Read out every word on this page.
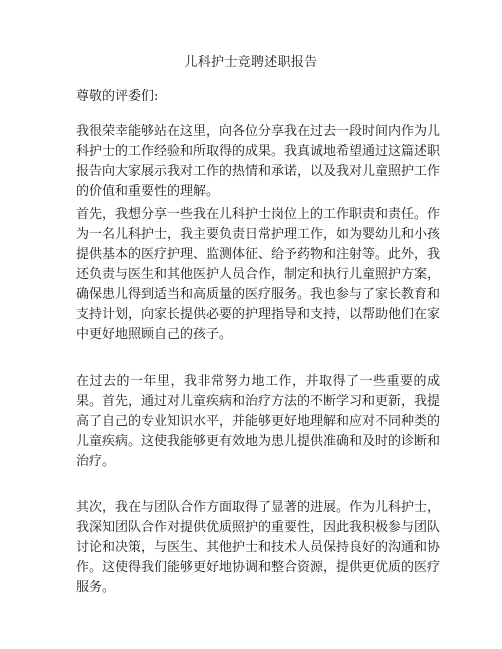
儿科护士竞聘述职报告
尊敬的评委们:

我很荣幸能够站在这里，向各位分享我在过去一段时间内作为儿科护士的工作经验和所取得的成果。我真诚地希望通过这篇述职报告向大家展示我对工作的热情和承诺，以及我对儿童照护工作的价值和重要性的理解。

首先，我想分享一些我在儿科护士岗位上的工作职责和责任。作为一名儿科护士，我主要负责日常护理工作，如为婴幼儿和小孩提供基本的医疗护理、监测体征、给予药物和注射等。此外，我还负责与医生和其他医护人员合作，制定和执行儿童照护方案，确保患儿得到适当和高质量的医疗服务。我也参与了家长教育和支持计划，向家长提供必要的护理指导和支持，以帮助他们在家中更好地照顾自己的孩子。

在过去的一年里，我非常努力地工作，并取得了一些重要的成果。首先，通过对儿童疾病和治疗方法的不断学习和更新，我提高了自己的专业知识水平，并能够更好地理解和应对不同种类的儿童疾病。这使我能够更有效地为患儿提供准确和及时的诊断和治疗。

其次，我在与团队合作方面取得了显著的进展。作为儿科护士，我深知团队合作对提供优质照护的重要性，因此我积极参与团队讨论和决策，与医生、其他护士和技术人员保持良好的沟通和协作。这使得我们能够更好地协调和整合资源，提供更优质的医疗服务。
